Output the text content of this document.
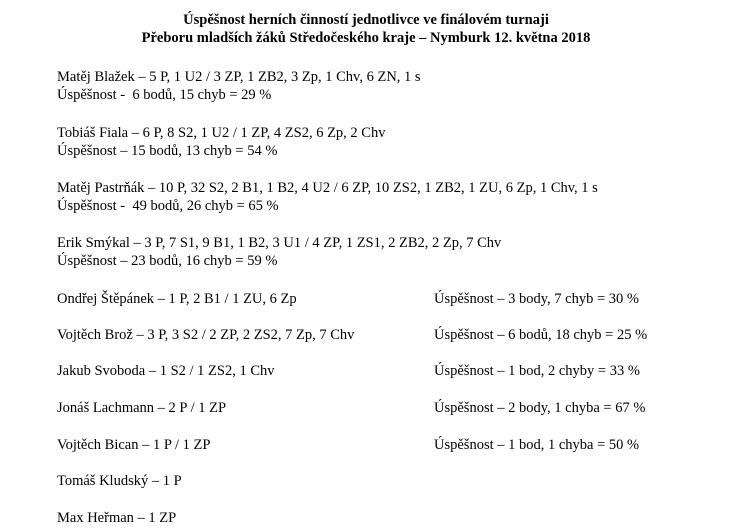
Úspěšnost herních činností jednotlivce ve finálovém turnaji
Přeboru mladších žáků Středočeského kraje – Nymburk 12. května 2018
Matěj Blažek – 5 P, 1 U2 / 3 ZP, 1 ZB2, 3 Zp, 1 Chv, 6 ZN, 1 s
Úspěšnost -  6 bodů, 15 chyb = 29 %
Tobiáš Fiala – 6 P, 8 S2, 1 U2 / 1 ZP, 4 ZS2, 6 Zp, 2 Chv
Úspěšnost – 15 bodů, 13 chyb = 54 %
Matěj Pastrňák – 10 P, 32 S2, 2 B1, 1 B2, 4 U2 / 6 ZP, 10 ZS2, 1 ZB2, 1 ZU, 6 Zp, 1 Chv, 1 s
Úspěšnost -  49 bodů, 26 chyb = 65 %
Erik Smýkal – 3 P, 7 S1, 9 B1, 1 B2, 3 U1 / 4 ZP, 1 ZS1, 2 ZB2, 2 Zp, 7 Chv
Úspěšnost – 23 bodů, 16 chyb = 59 %
Ondřej Štěpánek – 1 P, 2 B1 / 1 ZU, 6 Zp	Úspěšnost – 3 body, 7 chyb = 30 %
Vojtěch Brož – 3 P, 3 S2 / 2 ZP, 2 ZS2, 7 Zp, 7 Chv	Úspěšnost – 6 bodů, 18 chyb = 25 %
Jakub Svoboda – 1 S2 / 1 ZS2, 1 Chv	Úspěšnost – 1 bod, 2 chyby = 33 %
Jonáš Lachmann – 2 P / 1 ZP	Úspěšnost – 2 body, 1 chyba = 67 %
Vojtěch Bican – 1 P / 1 ZP	Úspěšnost – 1 bod, 1 chyba = 50 %
Tomáš Kludský – 1 P
Max Heřman – 1 ZP
